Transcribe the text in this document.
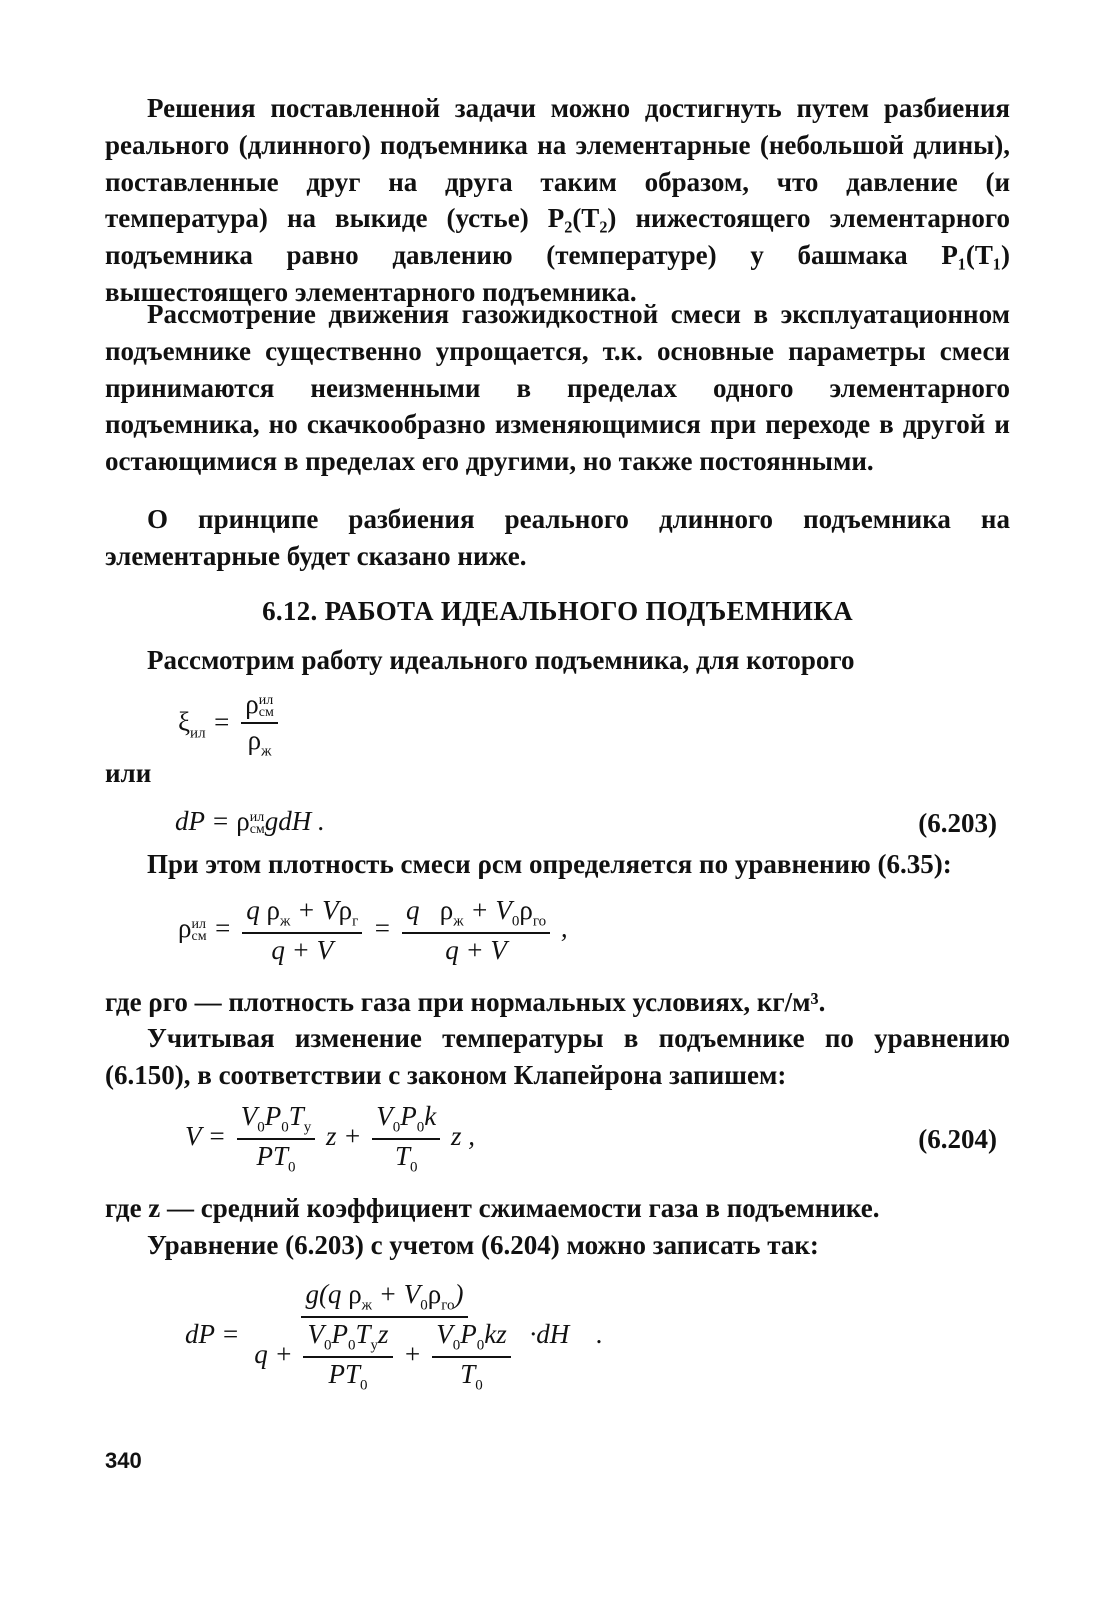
Решения поставленной задачи можно достигнуть путем разбиения реального (длинного) подъемника на элементарные (небольшой длины), поставленные друг на друга таким образом, что давление (и температура) на выкиде (устье) P₂(T₂) нижестоящего элементарного подъемника равно давлению (температуре) у башмака P₁(T₁) вышестоящего элементарного подъемника.

Рассмотрение движения газожидкостной смеси в эксплуатационном подъемнике существенно упрощается, т.к. основные параметры смеси принимаются неизменными в пределах одного элементарного подъемника, но скачкообразно изменяющимися при переходе в другой и остающимися в пределах его другими, но также постоянными.

О принципе разбиения реального длинного подъемника на элементарные будет сказано ниже.

6.12. РАБОТА ИДЕАЛЬНОГО ПОДЪЕМНИКА

Рассмотрим работу идеального подъемника, для которого

$\xi_{ил} = \rho$ ил
см
$\rho_ж$
или
dP = ρ ил
см gdH .	(6.203)

При этом плотность смеси ρсм определяется по уравнению (6.35):

ρ ил
см = $\frac{q \rho_ж + V\rho_г}{q + V} = \frac{q \rho_ж + V_0\rho_{го}}{q + V}$ ,

где ρго — плотность газа при нормальных условиях, кг/м³.

Учитывая изменение температуры в подъемнике по уравнению (6.150), в соответствии с законом Клапейрона запишем:

$V = \frac{V_0P_0T_y}{PT_0}$ $z + \frac{V_0P_0k}{T_0}$ z ,	(6.204)

где z — средний коэффициент сжимаемости газа в подъемнике.

Уравнение (6.203) с учетом (6.204) можно записать так:

dP = $\frac{g(q \rho_ж + V_0\rho_{го})}{q + \frac{V_0P_0T_yz}{PT_0} + \frac{V_0P_0kz}{T_0}} \cdot dH$    .
340
